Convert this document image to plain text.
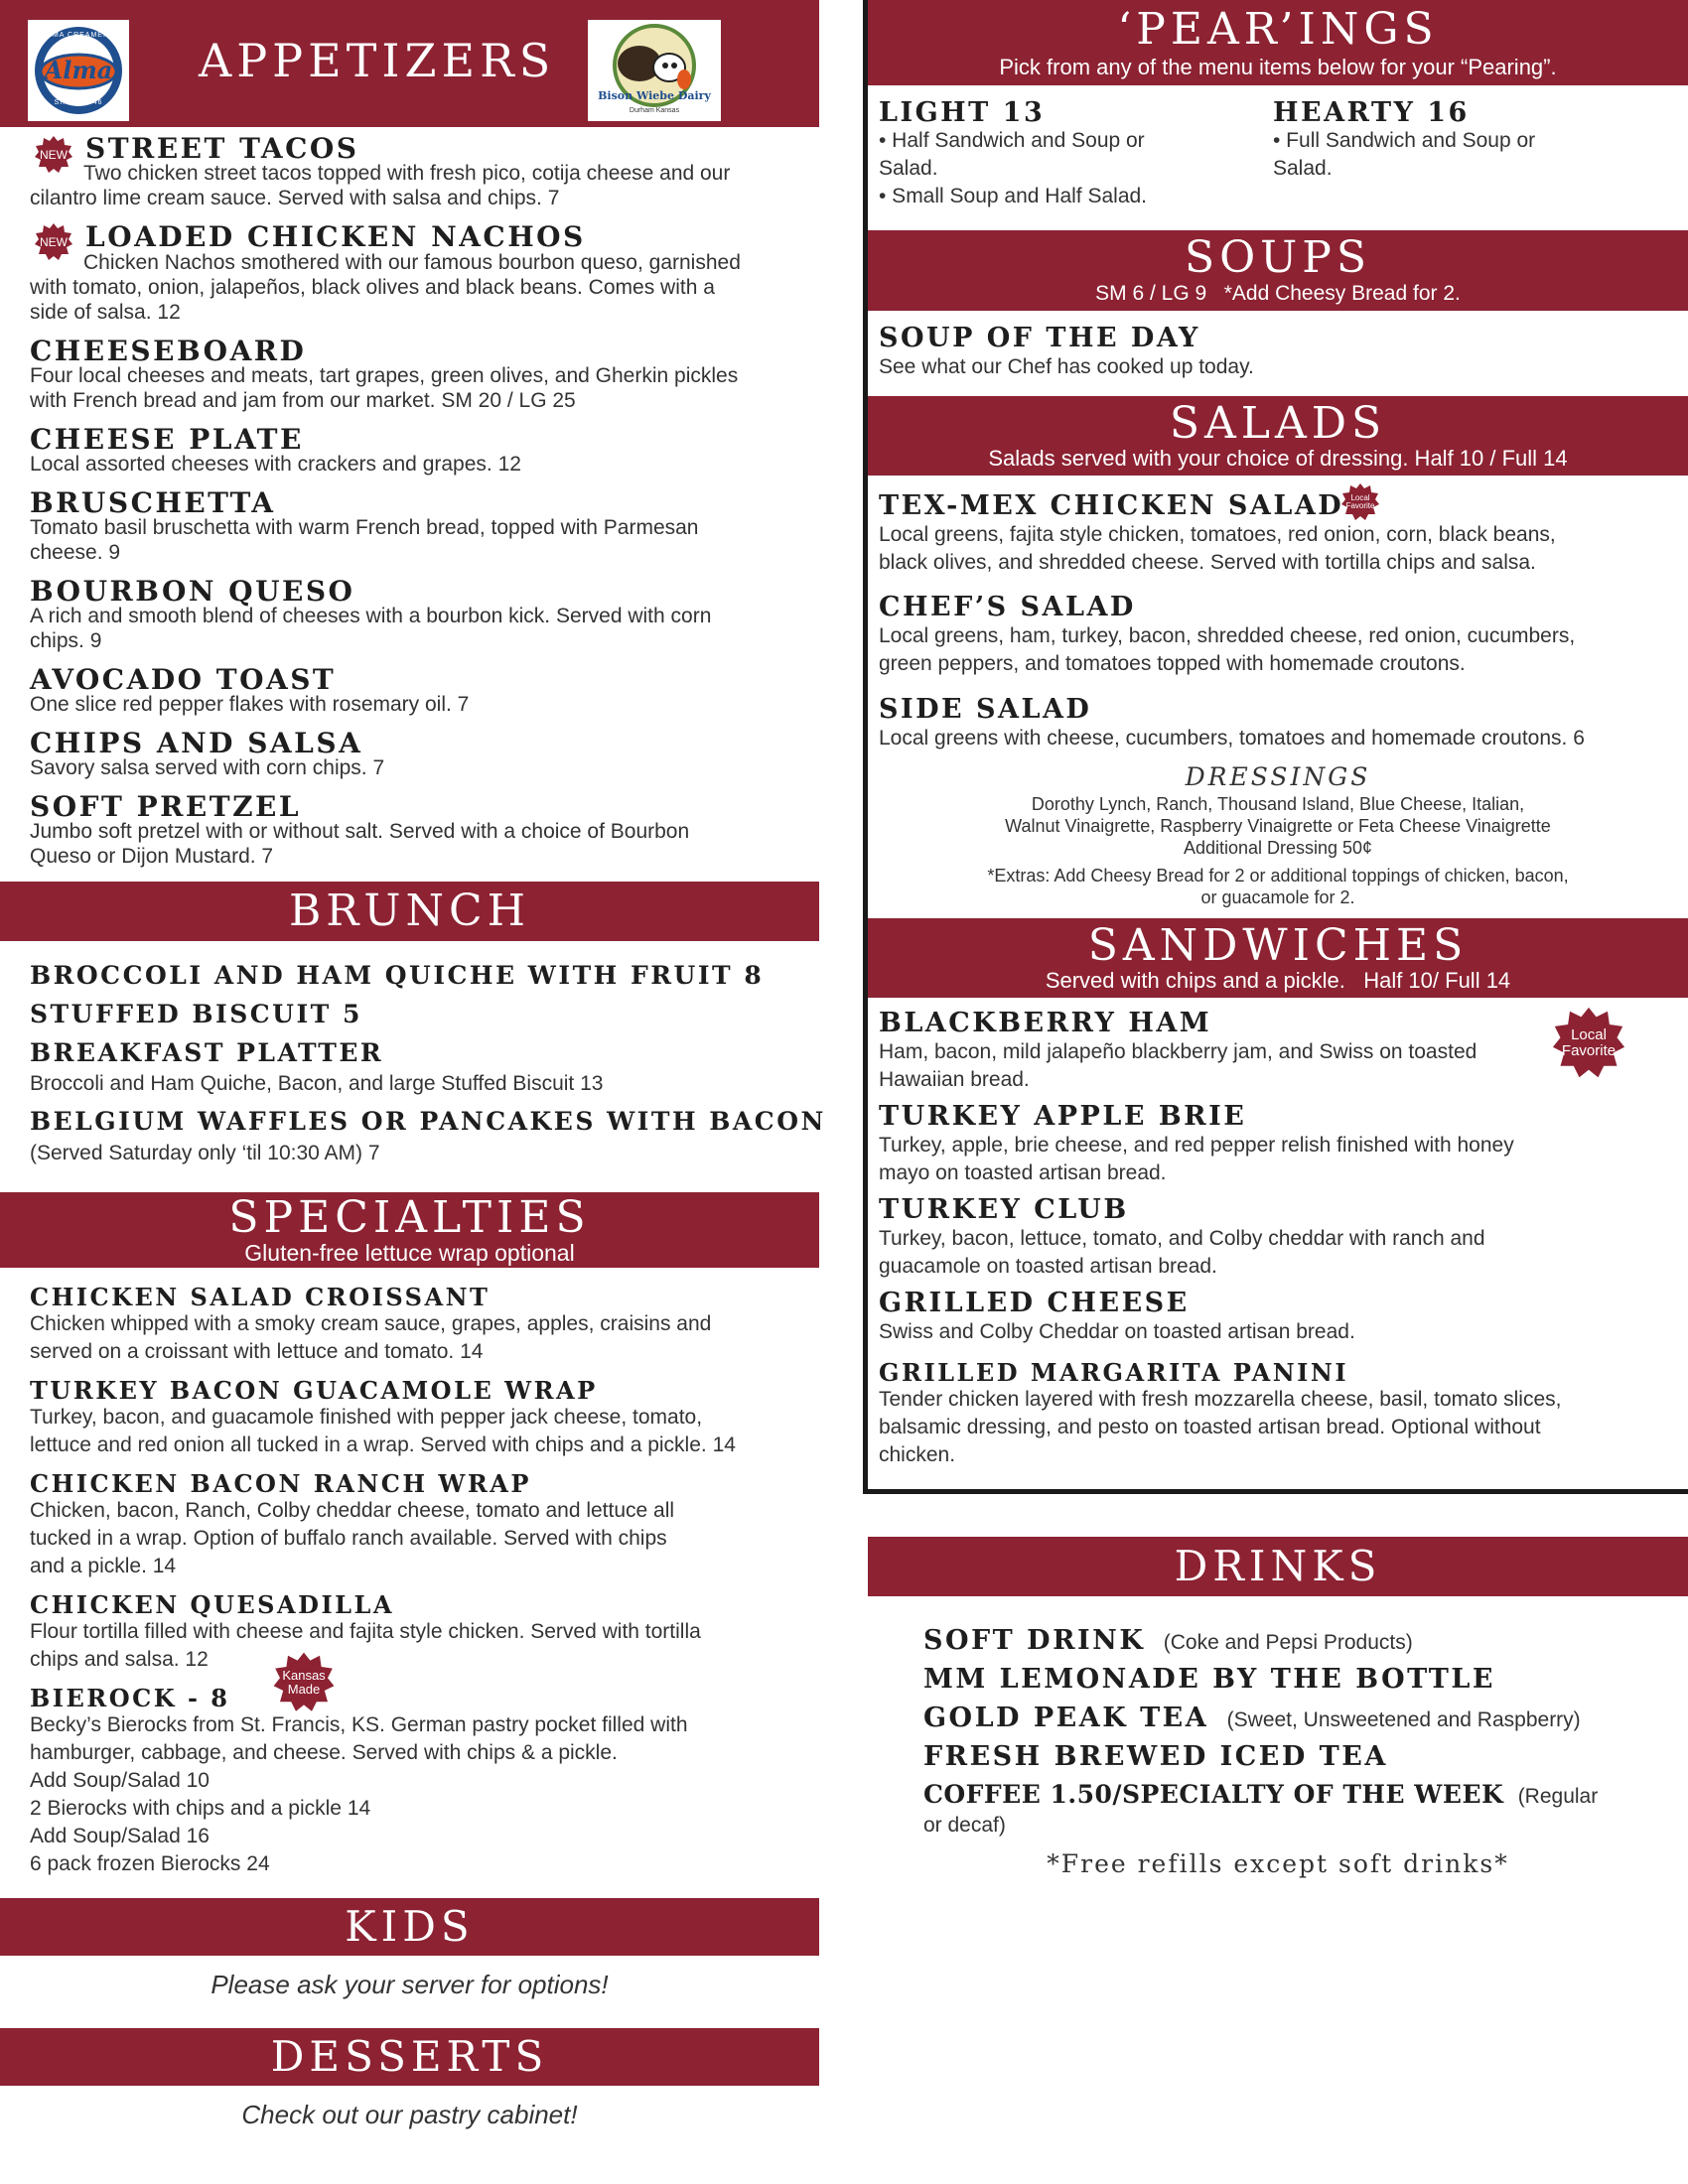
APPETIZERS
Alma
ALMA CREAMERY
SINCE 1946
Bison Wiebe Dairy
Durham Kansas
NEW STREET TACOS
Two chicken street tacos topped with fresh pico, cotija cheese and our
cilantro lime cream sauce. Served with salsa and chips. 7
NEW LOADED CHICKEN NACHOS
Chicken Nachos smothered with our famous bourbon queso, garnished
with tomato, onion, jalapeños, black olives and black beans. Comes with a
side of salsa. 12
CHEESEBOARD
Four local cheeses and meats, tart grapes, green olives, and Gherkin pickles
with French bread and jam from our market. SM 20 / LG 25
CHEESE PLATE
Local assorted cheeses with crackers and grapes. 12
BRUSCHETTA
Tomato basil bruschetta with warm French bread, topped with Parmesan
cheese. 9
BOURBON QUESO
A rich and smooth blend of cheeses with a bourbon kick. Served with corn
chips. 9
AVOCADO TOAST
One slice red pepper flakes with rosemary oil. 7
CHIPS AND SALSA
Savory salsa served with corn chips. 7
SOFT PRETZEL
Jumbo soft pretzel with or without salt. Served with a choice of Bourbon
Queso or Dijon Mustard. 7
BRUNCH
BROCCOLI AND HAM QUICHE WITH FRUIT 8
STUFFED BISCUIT 5
BREAKFAST PLATTER
Broccoli and Ham Quiche, Bacon, and large Stuffed Biscuit 13
BELGIUM WAFFLES OR PANCAKES WITH BACON
(Served Saturday only ‘til 10:30 AM) 7
SPECIALTIES
Gluten-free lettuce wrap optional
CHICKEN SALAD CROISSANT
Chicken whipped with a smoky cream sauce, grapes, apples, craisins and
served on a croissant with lettuce and tomato. 14
TURKEY BACON GUACAMOLE WRAP
Turkey, bacon, and guacamole finished with pepper jack cheese, tomato,
lettuce and red onion all tucked in a wrap. Served with chips and a pickle. 14
CHICKEN BACON RANCH WRAP
Chicken, bacon, Ranch, Colby cheddar cheese, tomato and lettuce all
tucked in a wrap. Option of buffalo ranch available. Served with chips
and a pickle. 14
CHICKEN QUESADILLA
Flour tortilla filled with cheese and fajita style chicken. Served with tortilla
chips and salsa. 12
BIEROCK - 8
Kansas Made
Becky’s Bierocks from St. Francis, KS. German pastry pocket filled with
hamburger, cabbage, and cheese. Served with chips & a pickle.
Add Soup/Salad 10
2 Bierocks with chips and a pickle 14
Add Soup/Salad 16
6 pack frozen Bierocks 24
KIDS
Please ask your server for options!
DESSERTS
Check out our pastry cabinet!
‘PEAR’INGS
Pick from any of the menu items below for your “Pearing”.
LIGHT 13
• Half Sandwich and Soup or
Salad.
• Small Soup and Half Salad.
HEARTY 16
• Full Sandwich and Soup or
Salad.
SOUPS
SM 6 / LG 9   *Add Cheesy Bread for 2.
SOUP OF THE DAY
See what our Chef has cooked up today.
SALADS
Salads served with your choice of dressing. Half 10 / Full 14
TEX-MEX CHICKEN SALAD Local Favorite
Local greens, fajita style chicken, tomatoes, red onion, corn, black beans,
black olives, and shredded cheese. Served with tortilla chips and salsa.
CHEF’S SALAD
Local greens, ham, turkey, bacon, shredded cheese, red onion, cucumbers,
green peppers, and tomatoes topped with homemade croutons.
SIDE SALAD
Local greens with cheese, cucumbers, tomatoes and homemade croutons. 6
DRESSINGS
Dorothy Lynch, Ranch, Thousand Island, Blue Cheese, Italian,
Walnut Vinaigrette, Raspberry Vinaigrette or Feta Cheese Vinaigrette
Additional Dressing 50¢
*Extras: Add Cheesy Bread for 2 or additional toppings of chicken, bacon,
or guacamole for 2.
SANDWICHES
Served with chips and a pickle.   Half 10/ Full 14
BLACKBERRY HAM	Local Favorite
Ham, bacon, mild jalapeño blackberry jam, and Swiss on toasted
Hawaiian bread.
TURKEY APPLE BRIE
Turkey, apple, brie cheese, and red pepper relish finished with honey
mayo on toasted artisan bread.
TURKEY CLUB
Turkey, bacon, lettuce, tomato, and Colby cheddar with ranch and
guacamole on toasted artisan bread.
GRILLED CHEESE
Swiss and Colby Cheddar on toasted artisan bread.
GRILLED MARGARITA PANINI
Tender chicken layered with fresh mozzarella cheese, basil, tomato slices,
balsamic dressing, and pesto on toasted artisan bread. Optional without
chicken.
DRINKS
SOFT DRINK (Coke and Pepsi Products)
MM LEMONADE BY THE BOTTLE
GOLD PEAK TEA (Sweet, Unsweetened and Raspberry)
FRESH BREWED ICED TEA
COFFEE 1.50/SPECIALTY OF THE WEEK (Regular
or decaf)
*Free refills except soft drinks*
